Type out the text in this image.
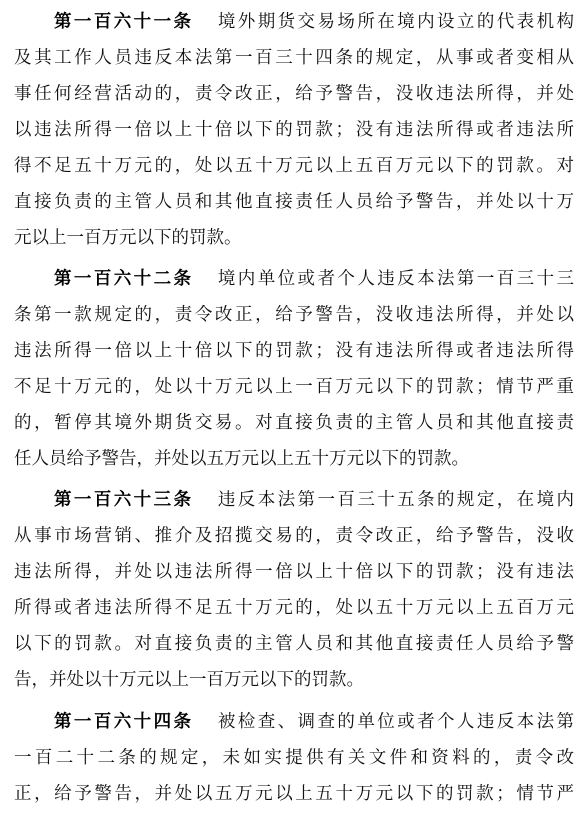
第一百六十一条 境外期货交易场所在境内设立的代表机构
及其工作人员违反本法第一百三十四条的规定，从事或者变相从
事任何经营活动的，责令改正，给予警告，没收违法所得，并处
以违法所得一倍以上十倍以下的罚款；没有违法所得或者违法所
得不足五十万元的，处以五十万元以上五百万元以下的罚款。对
直接负责的主管人员和其他直接责任人员给予警告，并处以十万
元以上一百万元以下的罚款。
第一百六十二条 境内单位或者个人违反本法第一百三十三
条第一款规定的，责令改正，给予警告，没收违法所得，并处以
违法所得一倍以上十倍以下的罚款；没有违法所得或者违法所得
不足十万元的，处以十万元以上一百万元以下的罚款；情节严重
的，暂停其境外期货交易。对直接负责的主管人员和其他直接责
任人员给予警告，并处以五万元以上五十万元以下的罚款。
第一百六十三条 违反本法第一百三十五条的规定，在境内
从事市场营销、推介及招揽交易的，责令改正，给予警告，没收
违法所得，并处以违法所得一倍以上十倍以下的罚款；没有违法
所得或者违法所得不足五十万元的，处以五十万元以上五百万元
以下的罚款。对直接负责的主管人员和其他直接责任人员给予警
告，并处以十万元以上一百万元以下的罚款。
第一百六十四条 被检查、调查的单位或者个人违反本法第
一百二十二条的规定，未如实提供有关文件和资料的，责令改
正，给予警告，并处以五万元以上五十万元以下的罚款；情节严
